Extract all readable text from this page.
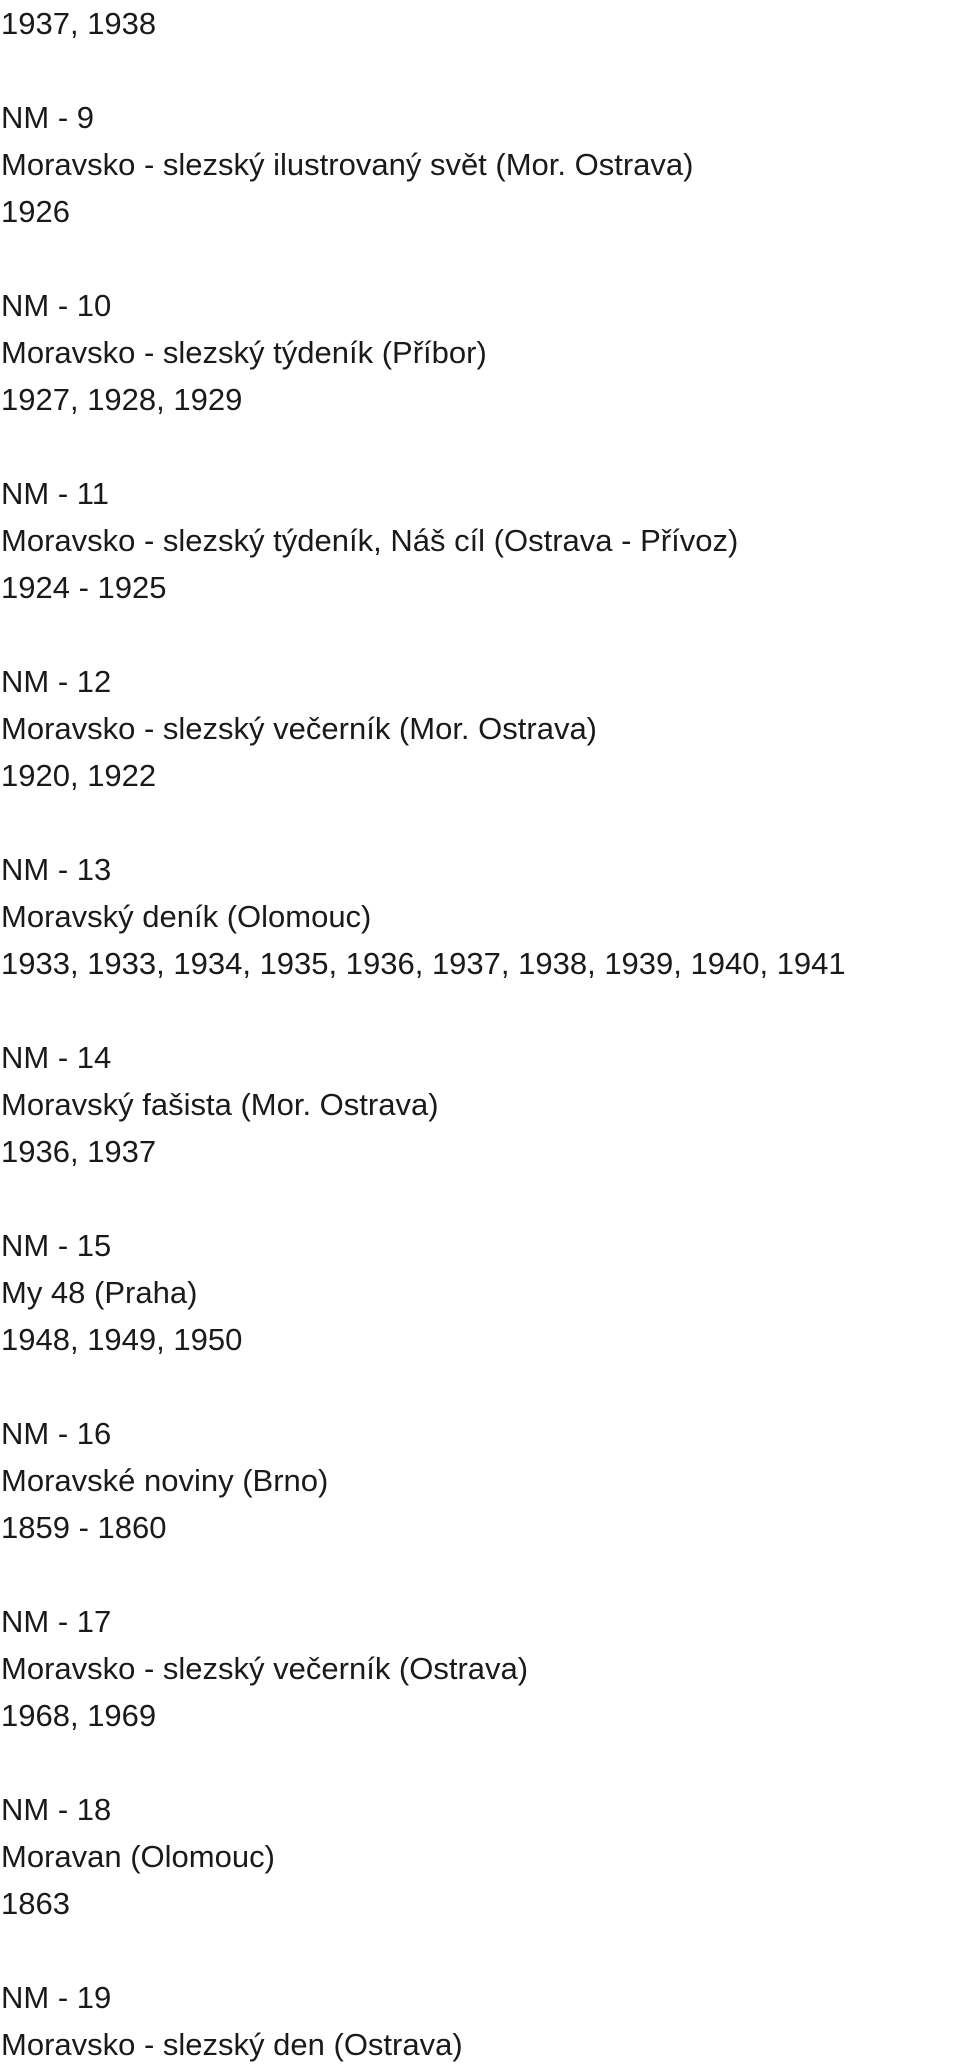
1937, 1938
NM - 9
Moravsko - slezský ilustrovaný svět (Mor. Ostrava)
1926
NM - 10
Moravsko - slezský týdeník (Příbor)
1927, 1928, 1929
NM - 11
Moravsko - slezský týdeník, Náš cíl (Ostrava - Přívoz)
1924 - 1925
NM - 12
Moravsko - slezský večerník (Mor. Ostrava)
1920, 1922
NM - 13
Moravský deník (Olomouc)
1933, 1933, 1934, 1935, 1936, 1937, 1938, 1939, 1940, 1941
NM - 14
Moravský fašista (Mor. Ostrava)
1936, 1937
NM - 15
My 48 (Praha)
1948, 1949, 1950
NM - 16
Moravské noviny (Brno)
1859 - 1860
NM - 17
Moravsko - slezský večerník (Ostrava)
1968, 1969
NM - 18
Moravan (Olomouc)
1863
NM - 19
Moravsko - slezský den (Ostrava)
